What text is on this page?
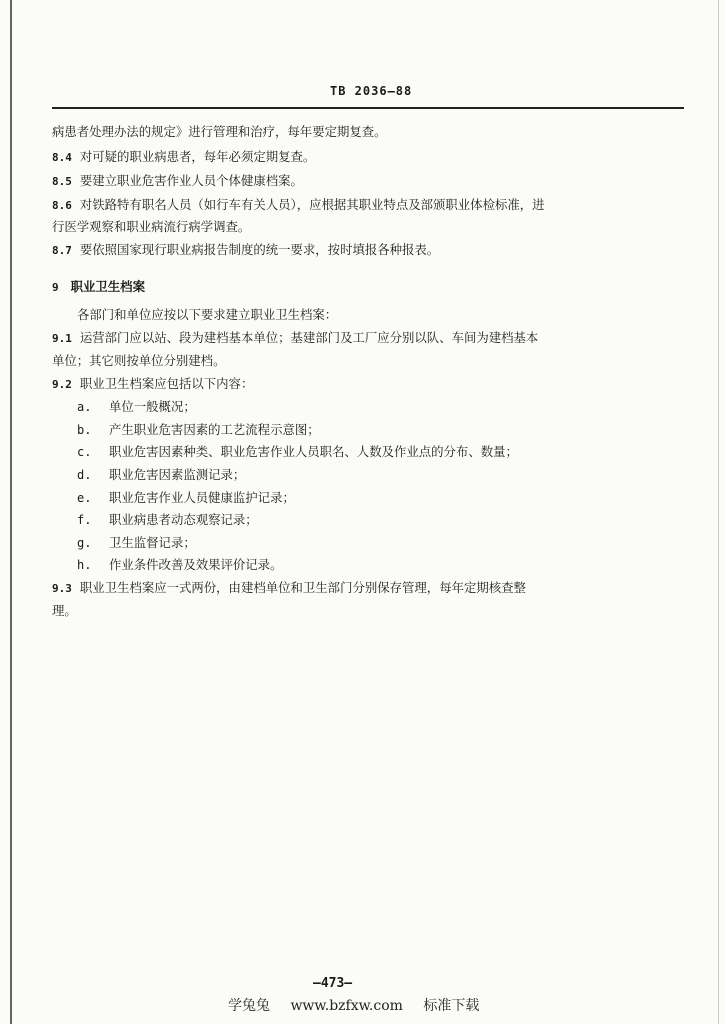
TB 2036—88
病患者处理办法的规定》进行管理和治疗，每年要定期复查。
8.4 对可疑的职业病患者，每年必须定期复查。
8.5 要建立职业危害作业人员个体健康档案。
8.6 对铁路特有职名人员（如行车有关人员），应根据其职业特点及部颁职业体检标准，进
行医学观察和职业病流行病学调查。
8.7 要依照国家现行职业病报告制度的统一要求，按时填报各种报表。
9 职业卫生档案
各部门和单位应按以下要求建立职业卫生档案：
9.1 运营部门应以站、段为建档基本单位；基建部门及工厂应分别以队、车间为建档基本
单位；其它则按单位分别建档。
9.2 职业卫生档案应包括以下内容：
a. 单位一般概况；
b. 产生职业危害因素的工艺流程示意图；
c. 职业危害因素种类、职业危害作业人员职名、人数及作业点的分布、数量；
d. 职业危害因素监测记录；
e. 职业危害作业人员健康监护记录；
f. 职业病患者动态观察记录；
g. 卫生监督记录；
h. 作业条件改善及效果评价记录。
9.3 职业卫生档案应一式两份，由建档单位和卫生部门分别保存管理，每年定期核查整
理。
—473—
学兔兔 www.bzfxw.com 标准下载
